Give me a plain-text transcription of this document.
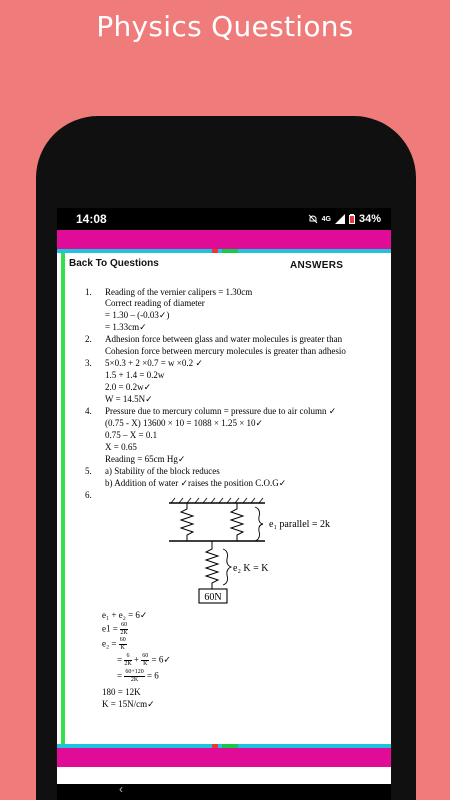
Physics Questions
14:08	4G	34%
Back To Questions	ANSWERS
1. Reading of the vernier calipers = 1.30cm
Correct reading of diameter
= 1.30 – (-0.03✓)
= 1.33cm✓
2. Adhesion force between glass and water molecules is greater than
Cohesion force between mercury molecules is greater than adhesio
3. 5×0.3 + 2 ×0.7 = w ×0.2 ✓
1.5 + 1.4 = 0.2w
2.0 = 0.2w✓
W = 14.5N✓
4. Pressure due to mercury column = pressure due to air column ✓
(0.75 - X) 13600 × 10 = 1088 × 1.25 × 10✓
0.75 – X = 0.1
X = 0.65
Reading = 65cm Hg✓
5. a) Stability of the block reduces
b) Addition of water ✓raises the position C.O.G✓
6.
60N
e₁ parallel = 2k
e₂ K = K
e₁ + e₂ = 6✓
$e1 = \frac{60}{2K}$
$e_2 = \frac{60}{K}$
= $\frac{6}{2K} + \frac{60}{K}$ = 6✓
= $\frac{60+120}{2K} = 6$
180 = 12K
K = 15N/cm✓
‹
